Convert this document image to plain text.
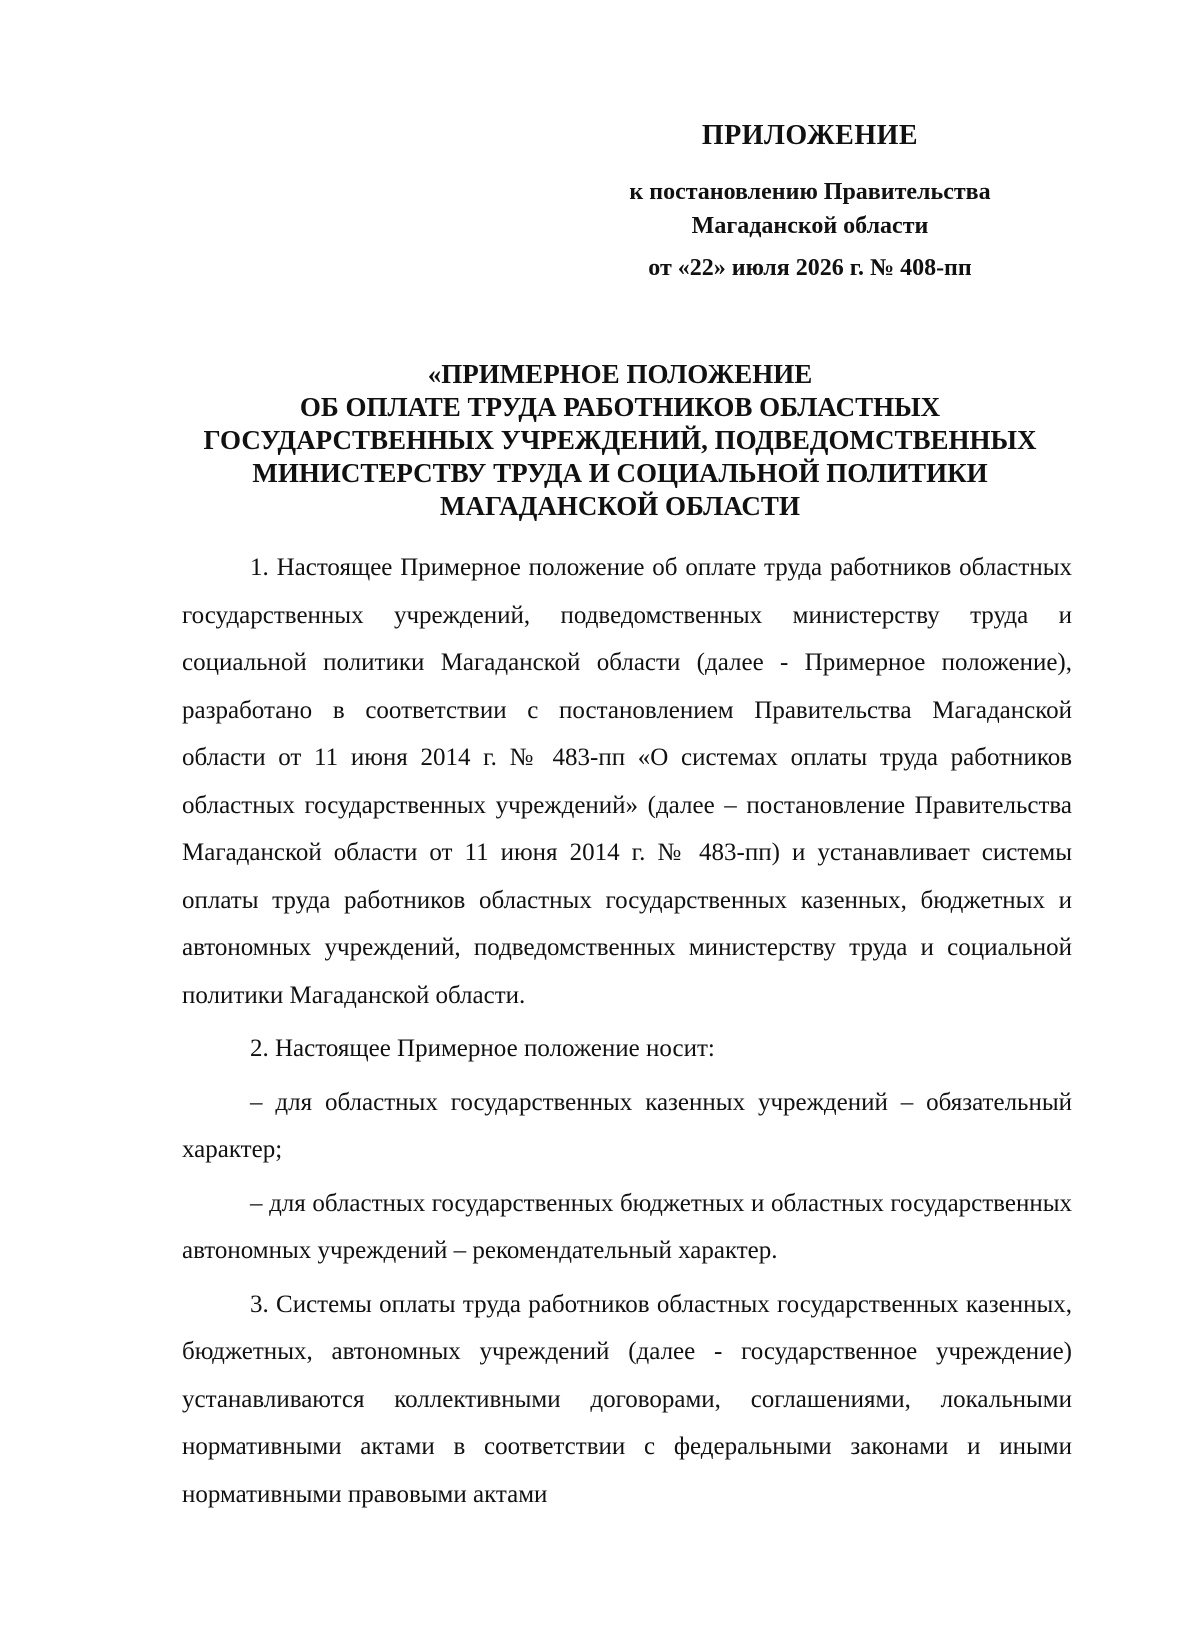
ПРИЛОЖЕНИЕ
к постановлению Правительства
Магаданской области
от «22» июля 2026 г. № 408-пп
«ПРИМЕРНОЕ ПОЛОЖЕНИЕ
ОБ ОПЛАТЕ ТРУДА РАБОТНИКОВ ОБЛАСТНЫХ
ГОСУДАРСТВЕННЫХ УЧРЕЖДЕНИЙ, ПОДВЕДОМСТВЕННЫХ
МИНИСТЕРСТВУ ТРУДА И СОЦИАЛЬНОЙ ПОЛИТИКИ
МАГАДАНСКОЙ ОБЛАСТИ

1. Настоящее Примерное положение об оплате труда работников областных государственных учреждений, подведомственных министерству труда и социальной политики Магаданской области (далее - Примерное положение), разработано в соответствии с постановлением Правительства Магаданской области от 11 июня 2014 г. № 483-пп «О системах оплаты труда работников областных государственных учреждений» (далее – постановление Правительства Магаданской области от 11 июня 2014 г. № 483-пп) и устанавливает системы оплаты труда работников областных государственных казенных, бюджетных и автономных учреждений, подведомственных министерству труда и социальной политики Магаданской области.

2. Настоящее Примерное положение носит:

– для областных государственных казенных учреждений – обязательный характер;

– для областных государственных бюджетных и областных государственных автономных учреждений – рекомендательный характер.

3. Системы оплаты труда работников областных государственных казенных, бюджетных, автономных учреждений (далее - государственное учреждение) устанавливаются коллективными договорами, соглашениями, локальными нормативными актами в соответствии с федеральными законами и иными нормативными правовыми актами
